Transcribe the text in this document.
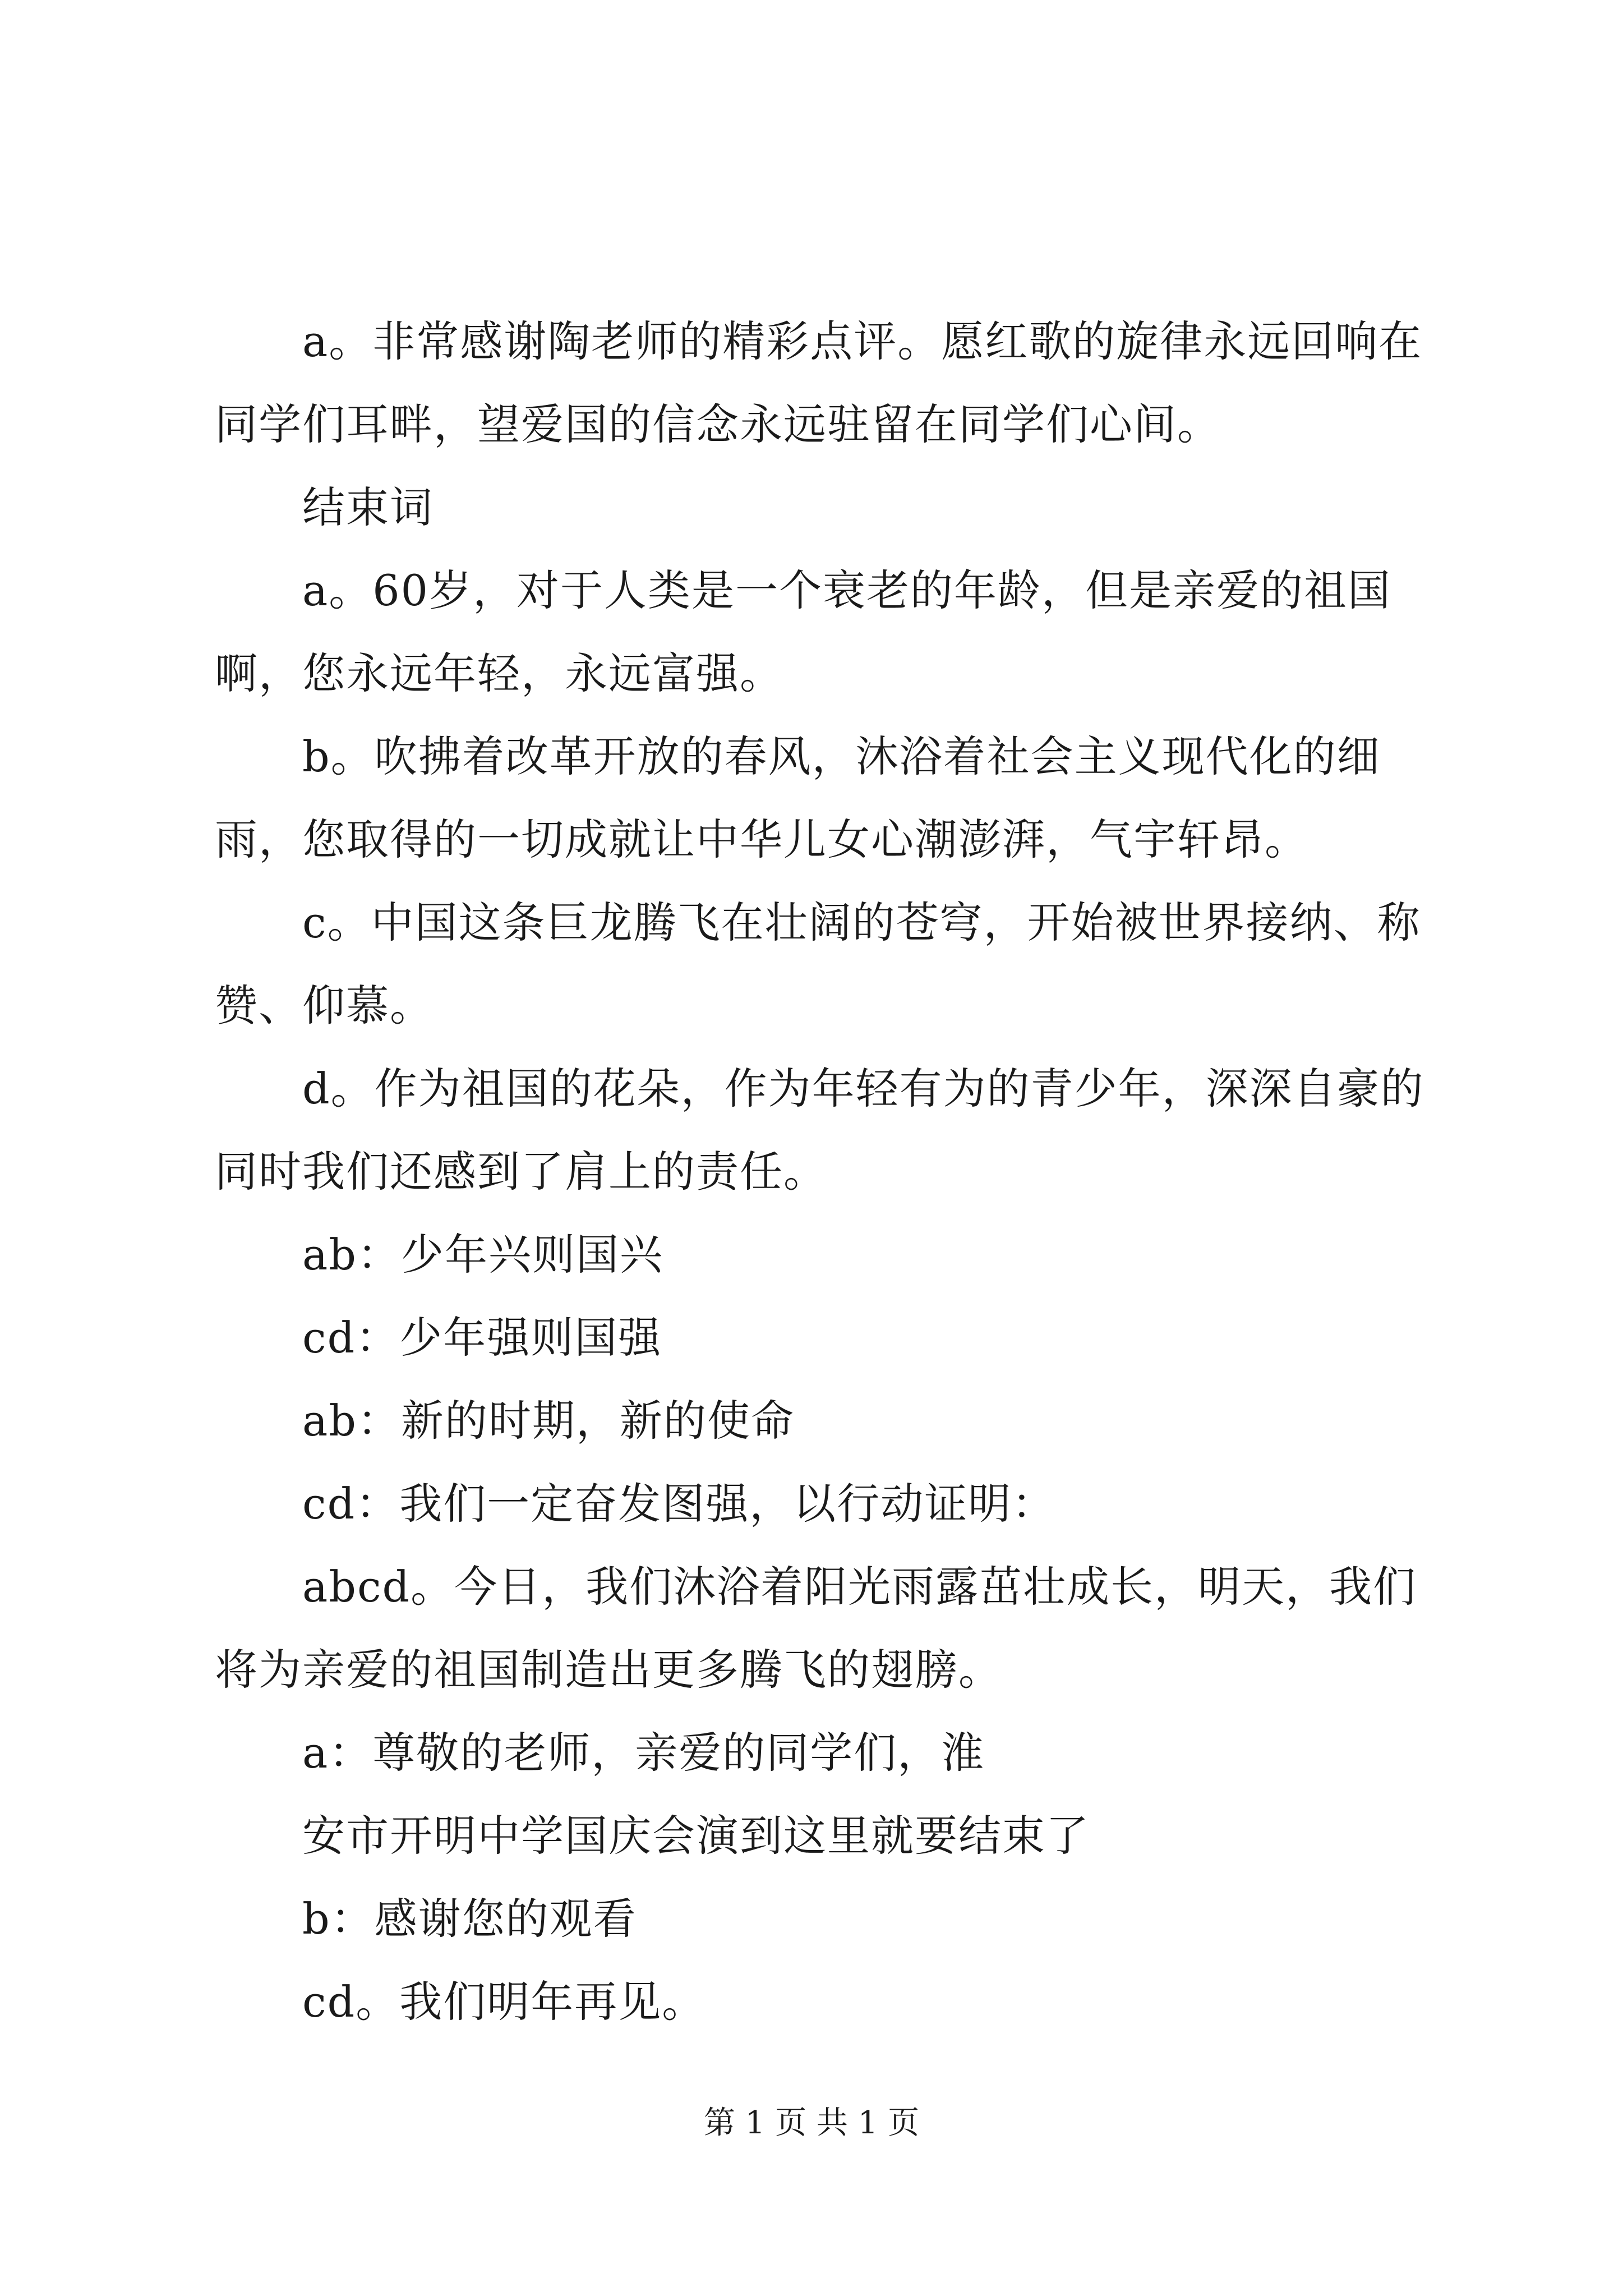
a。非常感谢陶老师的精彩点评。愿红歌的旋律永远回响在同学们耳畔，望爱国的信念永远驻留在同学们心间。

结束词

a。60岁，对于人类是一个衰老的年龄，但是亲爱的祖国啊，您永远年轻，永远富强。

b。吹拂着改革开放的春风，沐浴着社会主义现代化的细雨，您取得的一切成就让中华儿女心潮澎湃，气宇轩昂。

c。中国这条巨龙腾飞在壮阔的苍穹，开始被世界接纳、称赞、仰慕。

d。作为祖国的花朵，作为年轻有为的青少年，深深自豪的同时我们还感到了肩上的责任。

ab：少年兴则国兴

cd：少年强则国强

ab：新的时期，新的使命

cd：我们一定奋发图强，以行动证明：

abcd。今日，我们沐浴着阳光雨露茁壮成长，明天，我们将为亲爱的祖国制造出更多腾飞的翅膀。

a：尊敬的老师，亲爱的同学们，淮

安市开明中学国庆会演到这里就要结束了

b：感谢您的观看

cd。我们明年再见。

第 1 页 共 1 页
